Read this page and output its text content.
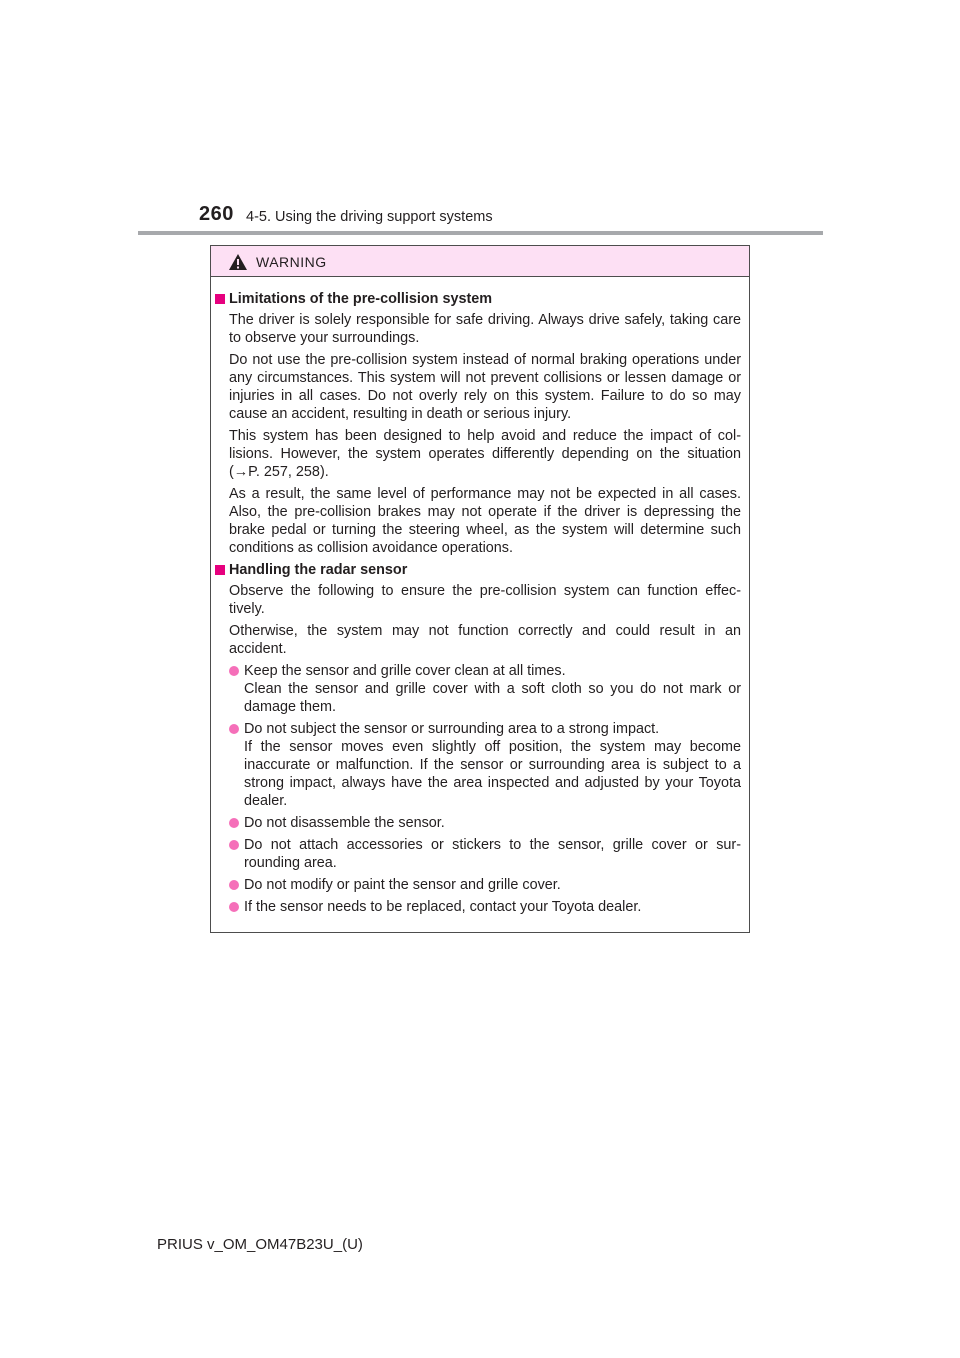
260 4-5. Using the driving support systems
WARNING
Limitations of the pre-collision system
The driver is solely responsible for safe driving. Always drive safely, taking care to observe your surroundings.
Do not use the pre-collision system instead of normal braking operations under any circumstances. This system will not prevent collisions or lessen damage or injuries in all cases. Do not overly rely on this system. Failure to do so may cause an accident, resulting in death or serious injury.
This system has been designed to help avoid and reduce the impact of col-lisions. However, the system operates differently depending on the situation (→P. 257, 258).
As a result, the same level of performance may not be expected in all cases. Also, the pre-collision brakes may not operate if the driver is depressing the brake pedal or turning the steering wheel, as the system will determine such conditions as collision avoidance operations.
Handling the radar sensor
Observe the following to ensure the pre-collision system can function effec-tively.
Otherwise, the system may not function correctly and could result in an accident.
Keep the sensor and grille cover clean at all times.
Clean the sensor and grille cover with a soft cloth so you do not mark or damage them.
Do not subject the sensor or surrounding area to a strong impact.
If the sensor moves even slightly off position, the system may become inaccurate or malfunction. If the sensor or surrounding area is subject to a strong impact, always have the area inspected and adjusted by your Toyota dealer.
Do not disassemble the sensor.
Do not attach accessories or stickers to the sensor, grille cover or sur-rounding area.
Do not modify or paint the sensor and grille cover.
If the sensor needs to be replaced, contact your Toyota dealer.
PRIUS v_OM_OM47B23U_(U)
